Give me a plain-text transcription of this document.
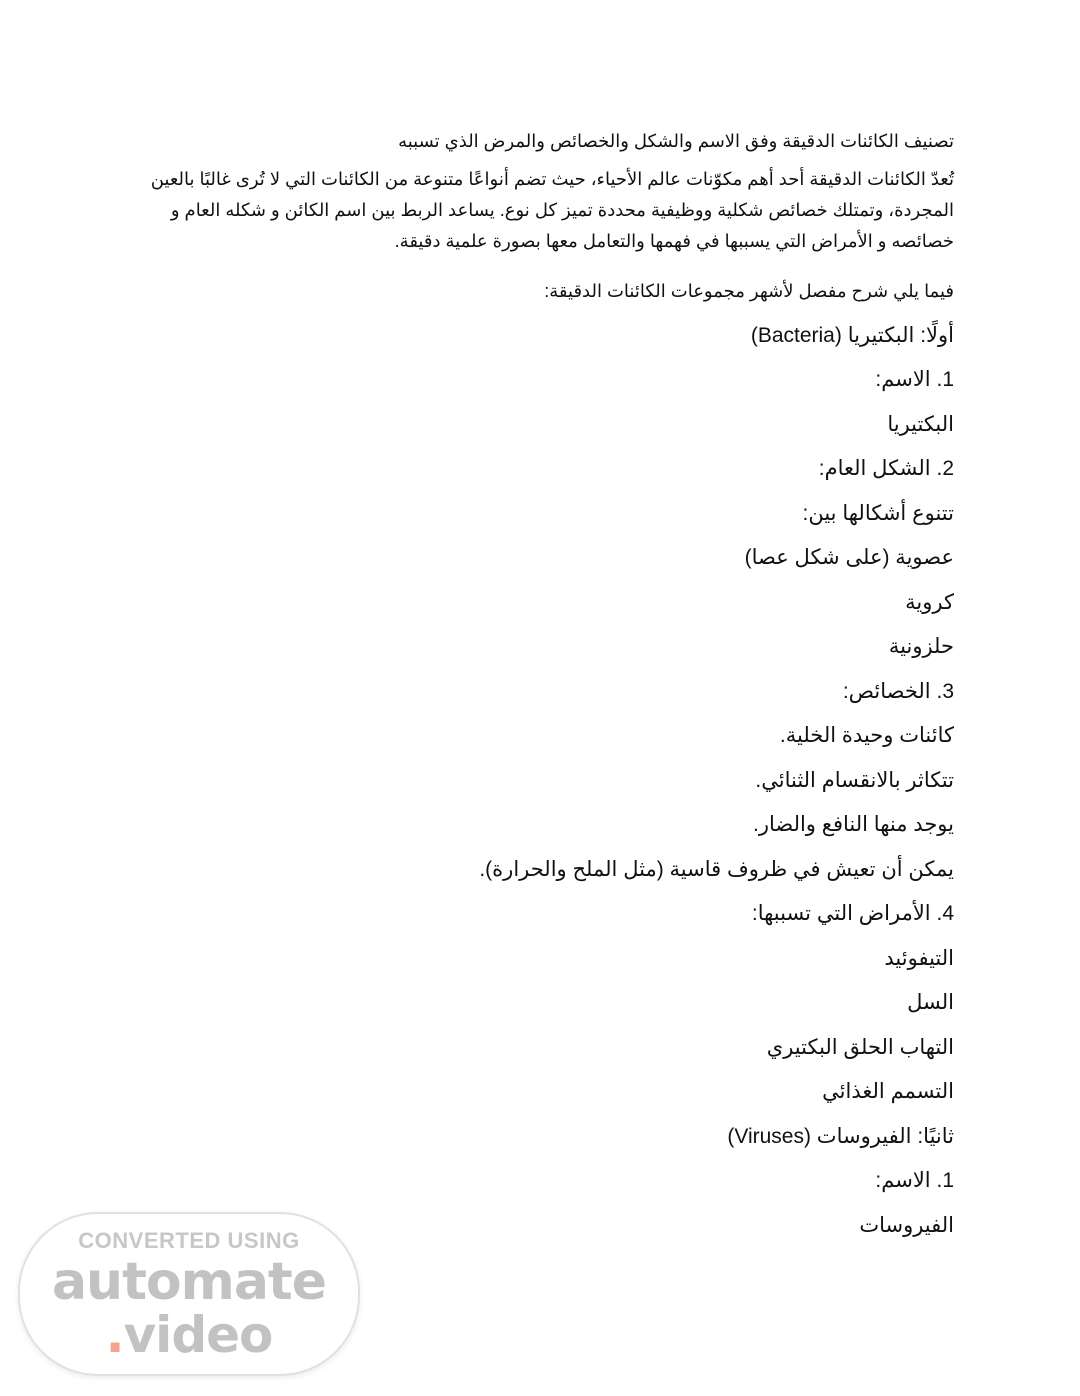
تصنيف الكائنات الدقيقة وفق الاسم والشكل والخصائص والمرض الذي تسببه

تُعدّ الكائنات الدقيقة أحد أهم مكوّنات عالم الأحياء، حيث تضم أنواعًا متنوعة من الكائنات التي لا تُرى غالبًا بالعين المجردة، وتمتلك خصائص شكلية ووظيفية محددة تميز كل نوع. يساعد الربط بين اسم الكائن و شكله العام و خصائصه و الأمراض التي يسببها في فهمها والتعامل معها بصورة علمية دقيقة.

فيما يلي شرح مفصل لأشهر مجموعات الكائنات الدقيقة:

أولًا: البكتيريا (Bacteria)

1. الاسم:

البكتيريا

2. الشكل العام:

تتنوع أشكالها بين:

عصوية (على شكل عصا)

كروية

حلزونية

3. الخصائص:

كائنات وحيدة الخلية.

تتكاثر بالانقسام الثنائي.

يوجد منها النافع والضار.

يمكن أن تعيش في ظروف قاسية (مثل الملح والحرارة).

4. الأمراض التي تسببها:

التيفوئيد

السل

التهاب الحلق البكتيري

التسمم الغذائي

ثانيًا: الفيروسات (Viruses)

1. الاسم:

الفيروسات

CONVERTED USING
automate
.video
